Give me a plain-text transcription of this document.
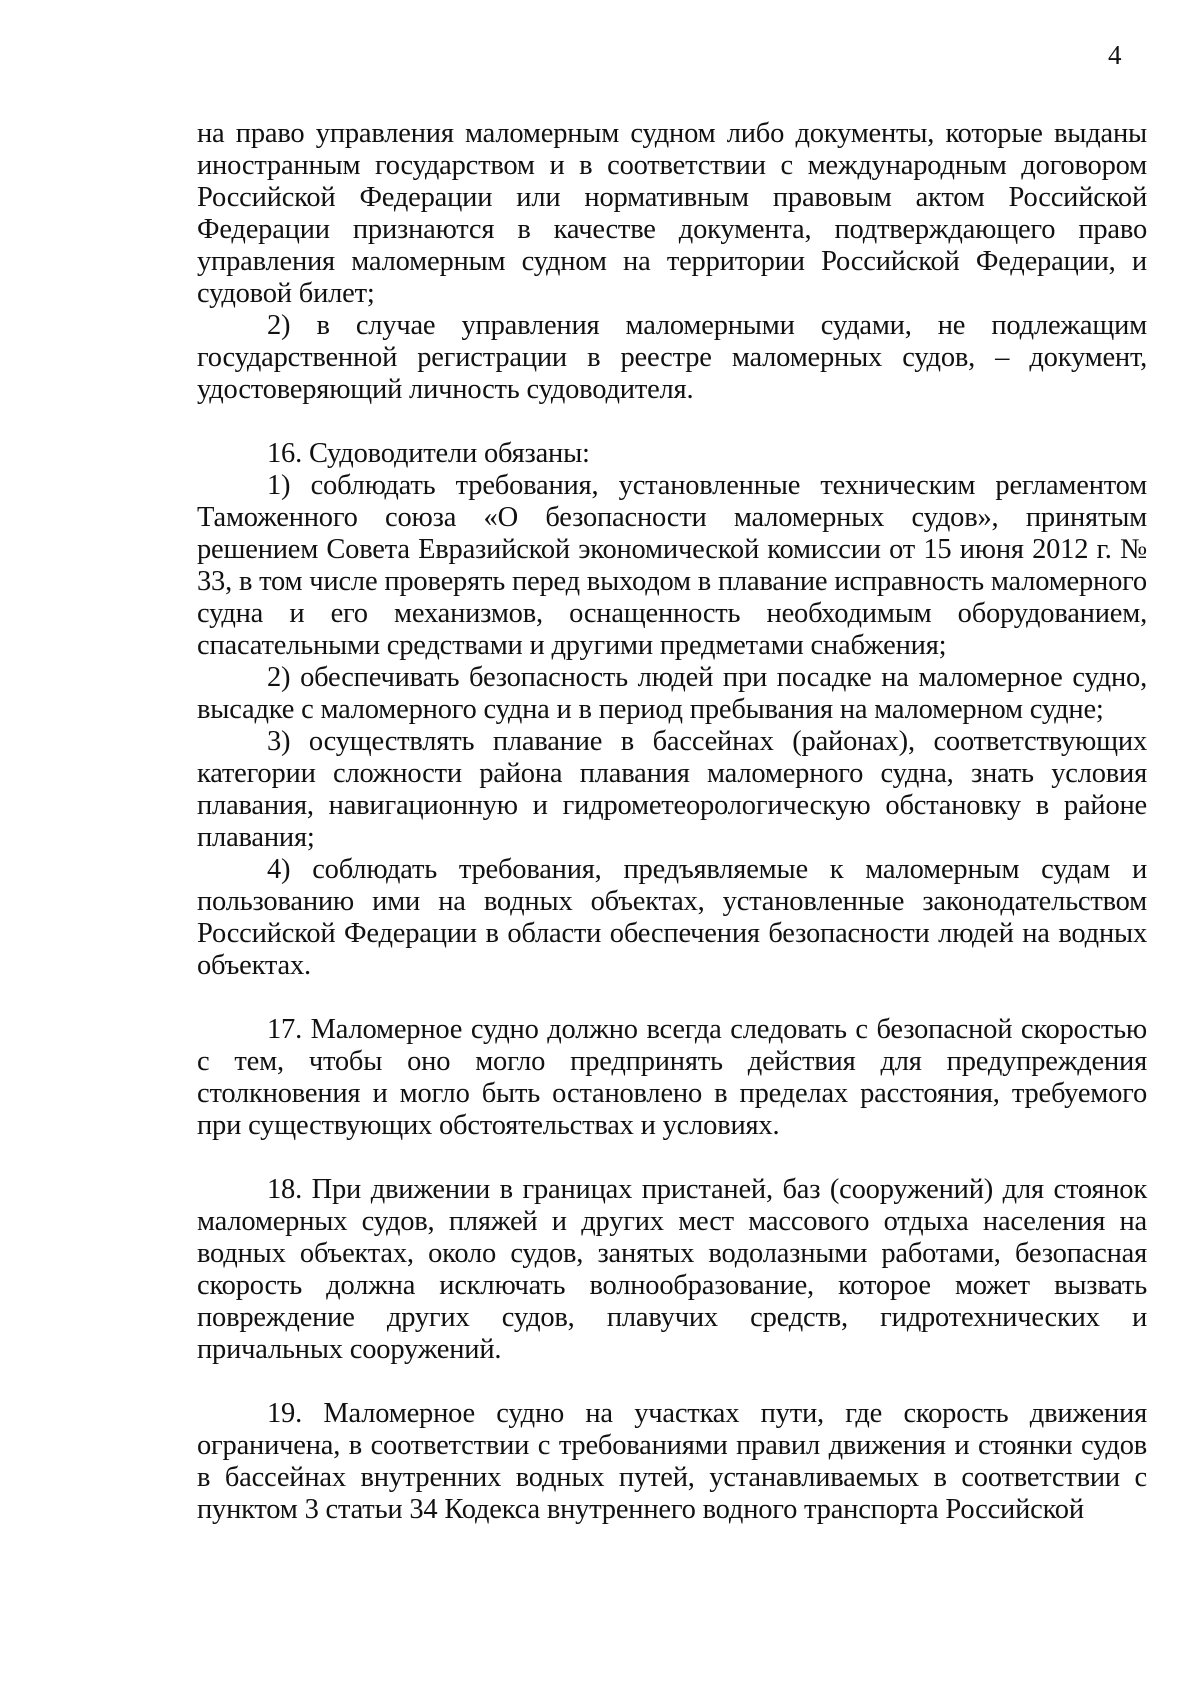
4

на право управления маломерным судном либо документы, которые выданы иностранным государством и в соответствии с международным договором Российской Федерации или нормативным правовым актом Российской Федерации признаются в качестве документа, подтверждающего право управления маломерным судном на территории Российской Федерации, и судовой билет;

2) в случае управления маломерными судами, не подлежащим государственной регистрации в реестре маломерных судов, – документ, удостоверяющий личность судоводителя.

16. Судоводители обязаны:

1) соблюдать требования, установленные техническим регламентом Таможенного союза «О безопасности маломерных судов», принятым решением Совета Евразийской экономической комиссии от 15 июня 2012 г. № 33, в том числе проверять перед выходом в плавание исправность маломерного судна и его механизмов, оснащенность необходимым оборудованием, спасательными средствами и другими предметами снабжения;

2) обеспечивать безопасность людей при посадке на маломерное судно, высадке с маломерного судна и в период пребывания на маломерном судне;

3) осуществлять плавание в бассейнах (районах), соответствующих категории сложности района плавания маломерного судна, знать условия плавания, навигационную и гидрометеорологическую обстановку в районе плавания;

4) соблюдать требования, предъявляемые к маломерным судам и пользованию ими на водных объектах, установленные законодательством Российской Федерации в области обеспечения безопасности людей на водных объектах.

17. Маломерное судно должно всегда следовать с безопасной скоростью с тем, чтобы оно могло предпринять действия для предупреждения столкновения и могло быть остановлено в пределах расстояния, требуемого при существующих обстоятельствах и условиях.

18. При движении в границах пристаней, баз (сооружений) для стоянок маломерных судов, пляжей и других мест массового отдыха населения на водных объектах, около судов, занятых водолазными работами, безопасная скорость должна исключать волнообразование, которое может вызвать повреждение других судов, плавучих средств, гидротехнических и причальных сооружений.

19. Маломерное судно на участках пути, где скорость движения ограничена, в соответствии с требованиями правил движения и стоянки судов в бассейнах внутренних водных путей, устанавливаемых в соответствии с пунктом 3 статьи 34 Кодекса внутреннего водного транспорта Российской
